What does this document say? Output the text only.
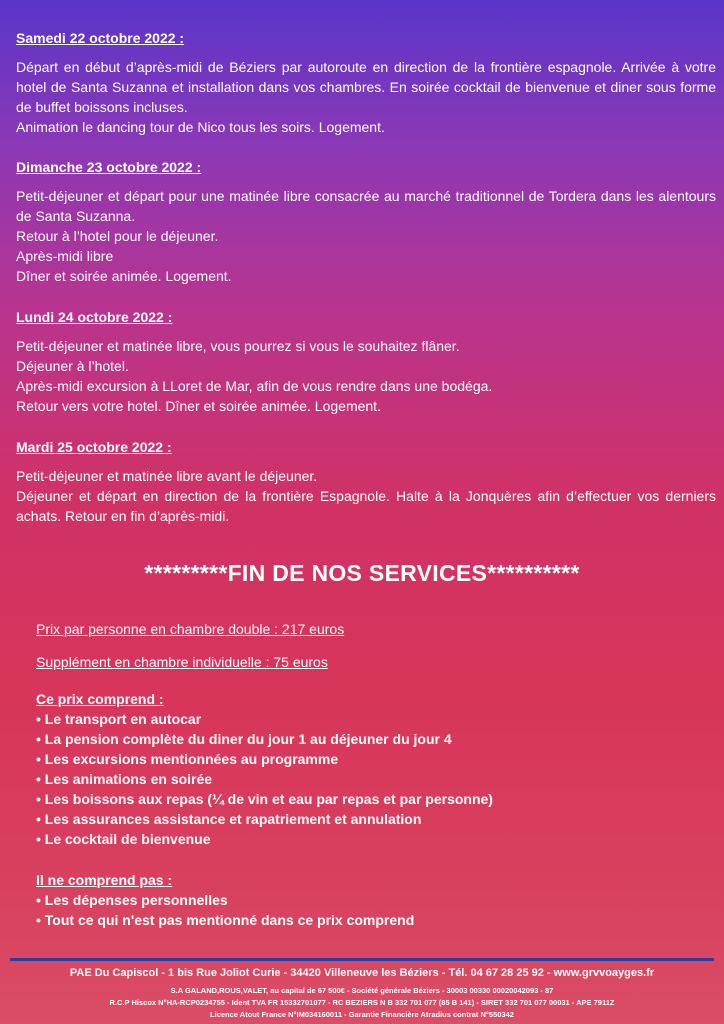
Samedi 22 octobre 2022 :

Départ en début d’après-midi de Béziers par autoroute en direction de la frontière espagnole. Arrivée à votre hotel de Santa Suzanna et installation dans vos chambres. En soirée cocktail de bienvenue et diner sous forme de buffet boissons incluses.
Animation le dancing tour de Nico tous les soirs. Logement.

Dimanche 23 octobre 2022 :

Petit-déjeuner et départ pour une matinée libre consacrée au marché traditionnel de Tordera dans les alentours de Santa Suzanna.
Retour à l’hotel pour le déjeuner.
Après-midi libre
Dîner et soirée animée. Logement.

Lundi 24 octobre 2022 :

Petit-déjeuner et matinée libre, vous pourrez si vous le souhaitez flâner.
Déjeuner à l’hotel.
Après-midi excursion à LLoret de Mar, afin de vous rendre dans une bodéga.
Retour vers votre hotel. Dîner et soirée animée. Logement.

Mardi 25 octobre 2022 :

Petit-déjeuner et matinée libre avant le déjeuner.
Déjeuner et départ en direction de la frontière Espagnole. Halte à la Jonquères afin d’effectuer vos derniers achats. Retour en fin d’après-midi.

*********FIN DE NOS SERVICES**********
Prix par personne en chambre double : 217 euros
Supplément en chambre individuelle : 75 euros
Ce prix comprend :
• Le transport en autocar
• La pension complète du diner du jour 1 au déjeuner du jour 4
• Les excursions mentionnées au programme
• Les animations en soirée
• Les boissons aux repas (¼ de vin et eau par repas et par personne)
• Les assurances assistance et rapatriement et annulation
• Le cocktail de bienvenue
Il ne comprend pas :
• Les dépenses personnelles
• Tout ce qui n'est pas mentionné dans ce prix comprend
PAE Du Capiscol - 1 bis Rue Joliot Curie - 34420 Villeneuve les Béziers - Tél. 04 67 28 25 92 - www.grvvoayges.fr
S.A GALAND,ROUS,VALET, au capital de 67 500€ - Société générale Béziers - 30003 00330 00020042093 - 87
R.C.P Hiscox N°HA-RCP0234755 - Ident TVA FR 15332701077 - RC BEZIERS N B 332 701 077 (85 B 141) - SIRET 332 701 077 00031 - APE 7911Z
Licence Atout France N°IM034160011 - Garantie Financière Atradius contrat N°550342
